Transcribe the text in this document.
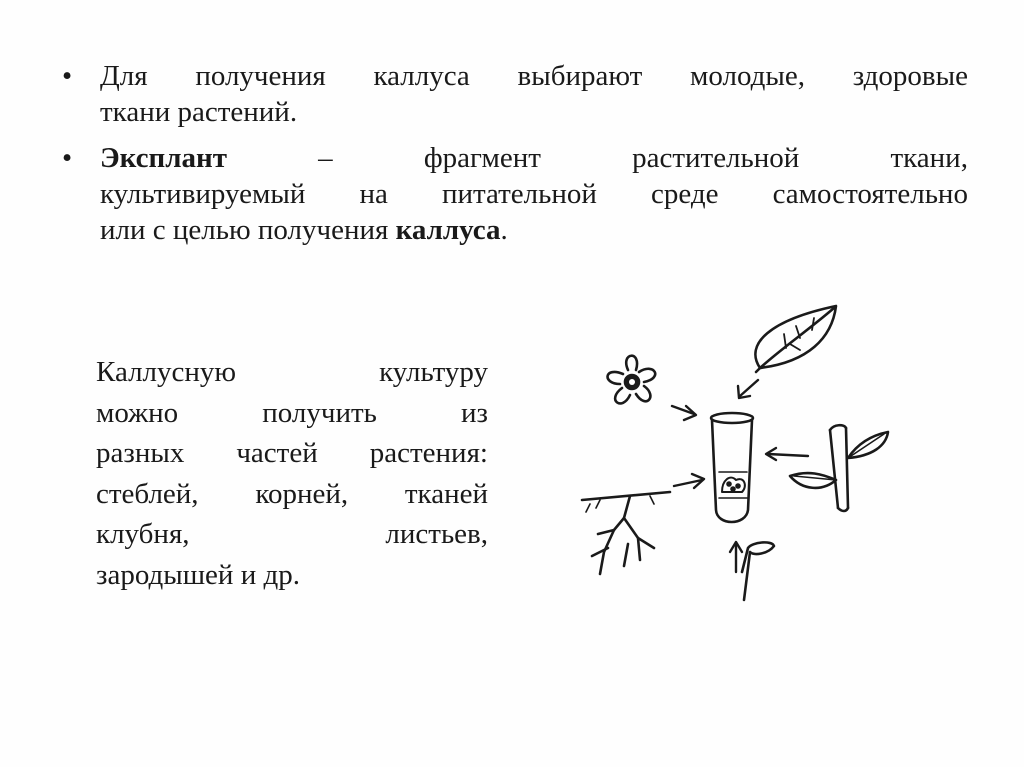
• Для получения каллуса выбирают молодые, здоровые
ткани растений.
• Эксплант	–	фрагмент	растительной	ткани,
культивируемый на питательной среде самостоятельно
или с целью получения каллуса.
Каллусную	культуру
можно	получить	из
разных частей растения:
стеблей, корней, тканей
клубня,	листьев,
зародышей и др.
